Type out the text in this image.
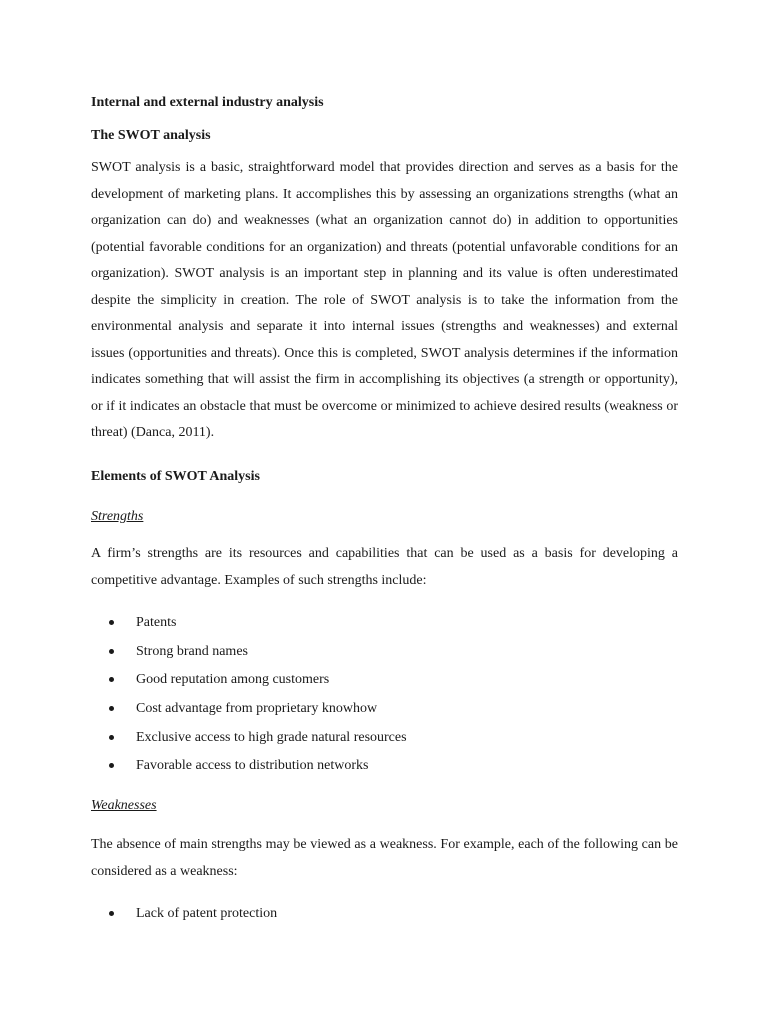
Internal and external industry analysis
The SWOT analysis
SWOT analysis is a basic, straightforward model that provides direction and serves as a basis for the development of marketing plans. It accomplishes this by assessing an organizations strengths (what an organization can do) and weaknesses (what an organization cannot do) in addition to opportunities (potential favorable conditions for an organization) and threats (potential unfavorable conditions for an organization). SWOT analysis is an important step in planning and its value is often underestimated despite the simplicity in creation. The role of SWOT analysis is to take the information from the environmental analysis and separate it into internal issues (strengths and weaknesses) and external issues (opportunities and threats). Once this is completed, SWOT analysis determines if the information indicates something that will assist the firm in accomplishing its objectives (a strength or opportunity), or if it indicates an obstacle that must be overcome or minimized to achieve desired results (weakness or threat) (Danca, 2011).
Elements of SWOT Analysis
Strengths
A firm’s strengths are its resources and capabilities that can be used as a basis for developing a competitive advantage. Examples of such strengths include:
Patents
Strong brand names
Good reputation among customers
Cost advantage from proprietary knowhow
Exclusive access to high grade natural resources
Favorable access to distribution networks
Weaknesses
The absence of main strengths may be viewed as a weakness. For example, each of the following can be considered as a weakness:
Lack of patent protection
